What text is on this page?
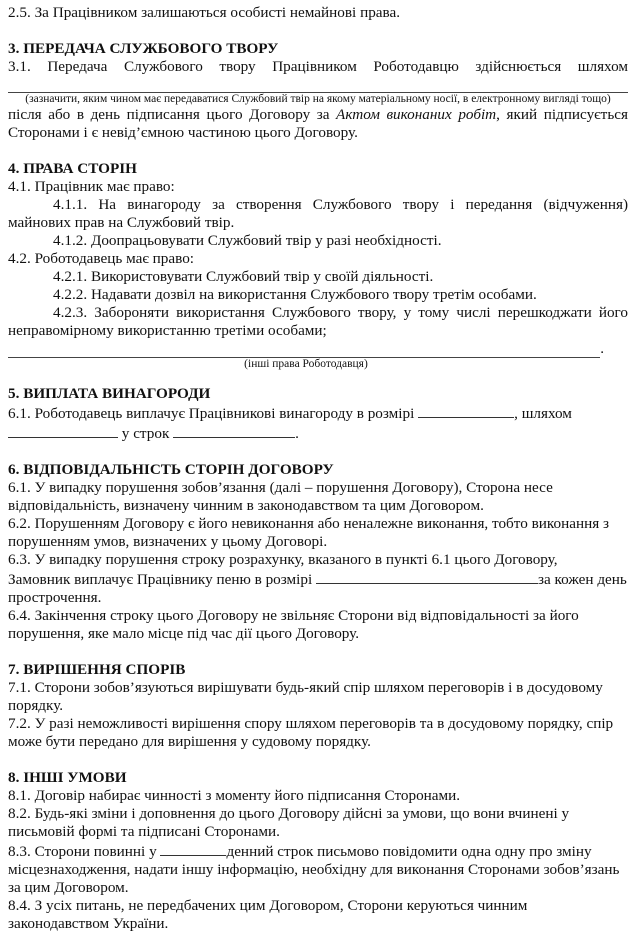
2.5. За Працівником залишаються особисті немайнові права.

3. ПЕРЕДАЧА СЛУЖБОВОГО ТВОРУ

3.1. Передача Службового твору Працівником Роботодавцю здійснюється шляхом

(зазначити, яким чином має передаватися Службовий твір на якому матеріальному носії, в електронному вигляді тощо)

після або в день підписання цього Договору за Актом виконаних робіт, який підписується Сторонами і є невід’ємною частиною цього Договору.

4. ПРАВА СТОРІН

4.1. Працівник має право:

4.1.1. На винагороду за створення Службового твору і передання (відчуження) майнових прав на Службовий твір.

4.1.2. Доопрацьовувати Службовий твір у разі необхідності.

4.2. Роботодавець має право:

4.2.1. Використовувати Службовий твір у своїй діяльності.

4.2.2. Надавати дозвіл на використання Службового твору третім особами.

4.2.3. Забороняти використання Службового твору, у тому числі перешкоджати його неправомірному використанню третіми особами;

.

(інші права Роботодавця)

5. ВИПЛАТА ВИНАГОРОДИ

6.1. Роботодавець виплачує Працівникові винагороду в розмірі	, шляхом

у строк	.

6. ВІДПОВІДАЛЬНІСТЬ СТОРІН ДОГОВОРУ

6.1. У випадку порушення зобов’язання (далі – порушення Договору), Сторона несе відповідальність, визначену чинним в законодавством та цим Договором.

6.2. Порушенням Договору є його невиконання або неналежне виконання, тобто виконання з порушенням умов, визначених у цьому Договорі.

6.3. У випадку порушення строку розрахунку, вказаного в пункті 6.1 цього Договору,

Замовник виплачує Працівнику пеню в розмірі	за кожен день

прострочення.

6.4. Закінчення строку цього Договору не звільняє Сторони від відповідальності за його порушення, яке мало місце під час дії цього Договору.

7. ВИРІШЕННЯ СПОРІВ

7.1. Сторони зобов’язуються вирішувати будь-який спір шляхом переговорів і в досудовому порядку.

7.2. У разі неможливості вирішення спору шляхом переговорів та в досудовому порядку, спір може бути передано для вирішення у судовому порядку.

8. ІНШІ УМОВИ

8.1. Договір набирає чинності з моменту його підписання Сторонами.

8.2. Будь-які зміни і доповнення до цього Договору дійсні за умови, що вони вчинені у письмовій формі та підписані Сторонами.

8.3. Сторони повинні у	денний строк письмово повідомити одна одну про зміну місцезнаходження, надати іншу інформацію, необхідну для виконання Сторонами зобов’язань за цим Договором.

8.4. З усіх питань, не передбачених цим Договором, Сторони керуються чинним законодавством України.
